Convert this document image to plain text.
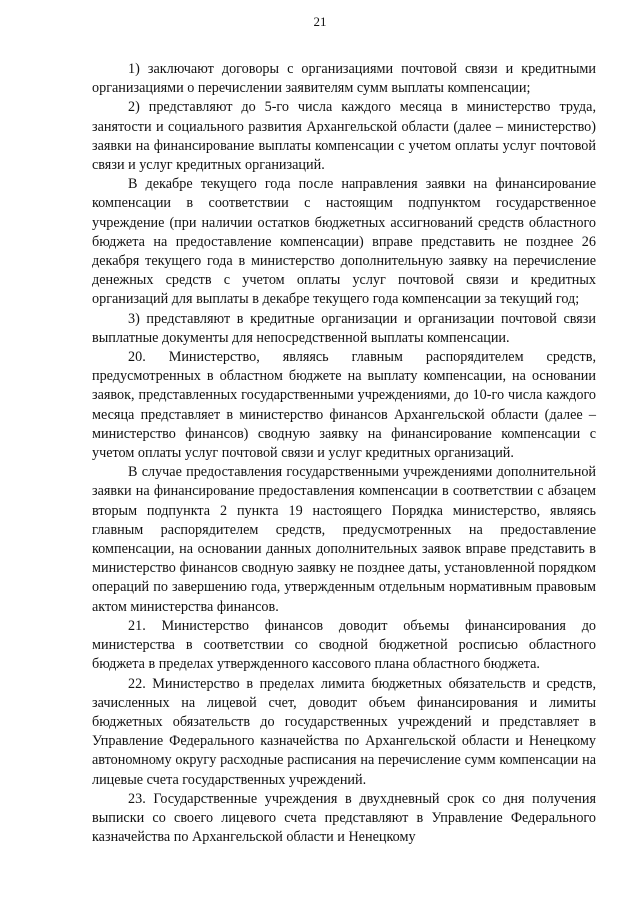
21

1) заключают договоры с организациями почтовой связи и кредитными организациями о перечислении заявителям сумм выплаты компенсации;

2) представляют до 5-го числа каждого месяца в министерство труда, занятости и социального развития Архангельской области (далее – министерство) заявки на финансирование выплаты компенсации с учетом оплаты услуг почтовой связи и услуг кредитных организаций.

В декабре текущего года после направления заявки на финансирование компенсации в соответствии с настоящим подпунктом государственное учреждение (при наличии остатков бюджетных ассигнований средств областного бюджета на предоставление компенсации) вправе представить не позднее 26 декабря текущего года в министерство дополнительную заявку на перечисление денежных средств с учетом оплаты услуг почтовой связи и кредитных организаций для выплаты в декабре текущего года компенсации за текущий год;

3) представляют в кредитные организации и организации почтовой связи выплатные документы для непосредственной выплаты компенсации.

20. Министерство, являясь главным распорядителем средств, предусмотренных в областном бюджете на выплату компенсации, на основании заявок, представленных государственными учреждениями, до 10-го числа каждого месяца представляет в министерство финансов Архангельской области (далее – министерство финансов) сводную заявку на финансирование компенсации с учетом оплаты услуг почтовой связи и услуг кредитных организаций.

В случае предоставления государственными учреждениями дополнительной заявки на финансирование предоставления компенсации в соответствии с абзацем вторым подпункта 2 пункта 19 настоящего Порядка министерство, являясь главным распорядителем средств, предусмотренных на предоставление компенсации, на основании данных дополнительных заявок вправе представить в министерство финансов сводную заявку не позднее даты, установленной порядком операций по завершению года, утвержденным отдельным нормативным правовым актом министерства финансов.

21. Министерство финансов доводит объемы финансирования до министерства в соответствии со сводной бюджетной росписью областного бюджета в пределах утвержденного кассового плана областного бюджета.

22. Министерство в пределах лимита бюджетных обязательств и средств, зачисленных на лицевой счет, доводит объем финансирования и лимиты бюджетных обязательств до государственных учреждений и представляет в Управление Федерального казначейства по Архангельской области и Ненецкому автономному округу расходные расписания на перечисление сумм компенсации на лицевые счета государственных учреждений.

23. Государственные учреждения в двухдневный срок со дня получения выписки со своего лицевого счета представляют в Управление Федерального казначейства по Архангельской области и Ненецкому
